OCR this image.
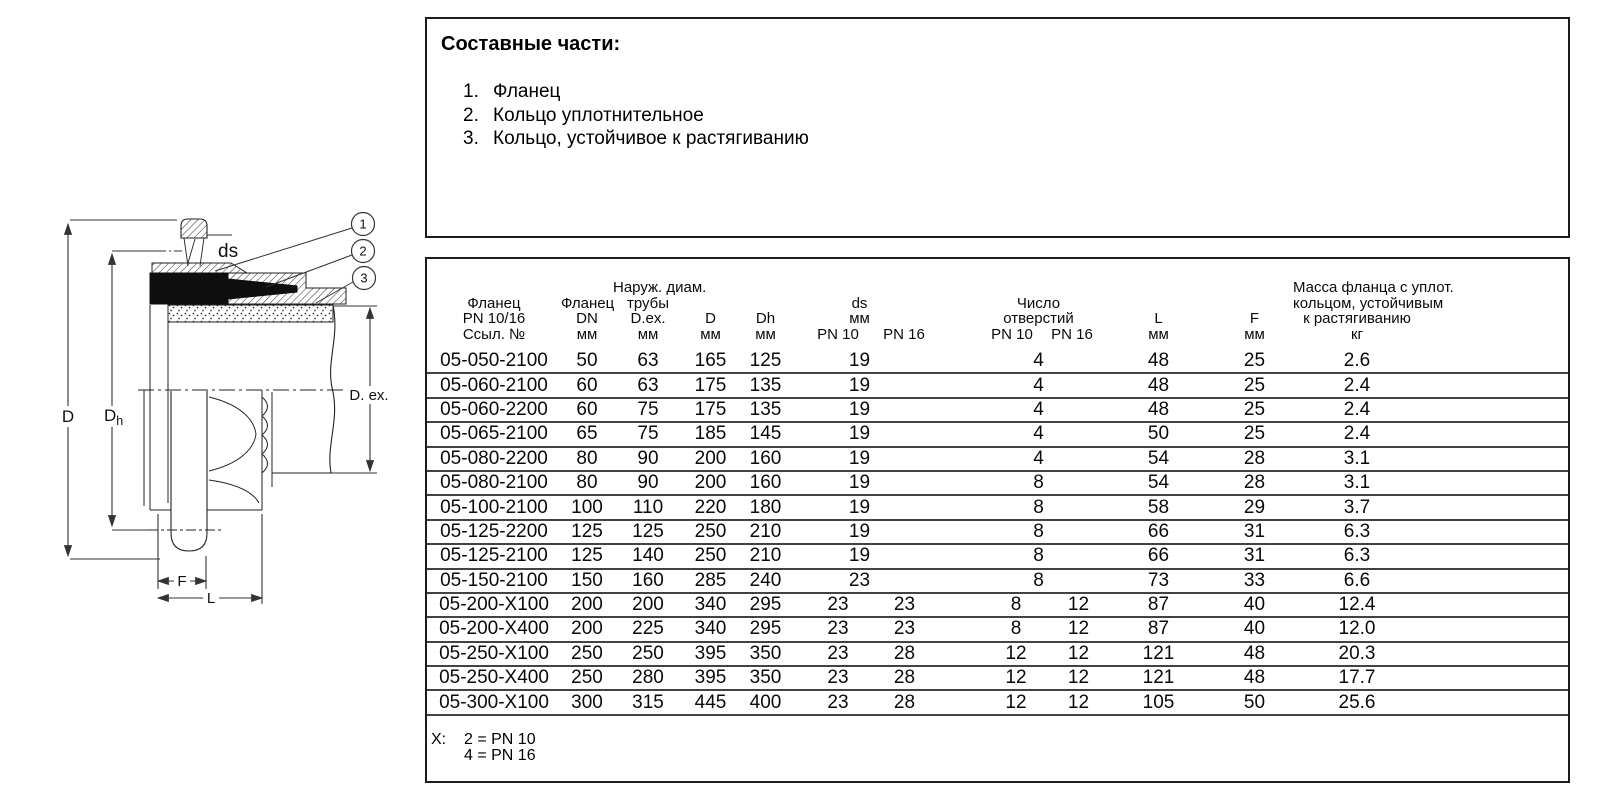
D $D_h$
ds
D. ex.
F
L
1
2
3
Составные части:
1. Фланец
2. Кольцо уплотнительное
3. Кольцо, устойчивое к растягиванию
Фланец
PN 10/16
Ссыл. №

Фланец
DN
мм

Наруж. диам.
трубы
D.ex.
мм

D
мм

Dh
мм

ds
мм
PN 10 PN 16

Число
отверстий
PN 10 PN 16

L
мм

F
мм

Масса фланца с уплот.
кольцом, устойчивым
к растягиванию
кг

05-050-2100	50	63	165	125	19			4		48	25	2.6	
05-060-2100	60	63	175	135	19			4		48	25	2.4	
05-060-2200	60	75	175	135	19			4		48	25	2.4	
05-065-2100	65	75	185	145	19			4		50	25	2.4	
05-080-2200	80	90	200	160	19			4		54	28	3.1	
05-080-2100	80	90	200	160	19			8		54	28	3.1	
05-100-2100	100	110	220	180	19			8		58	29	3.7	
05-125-2200	125	125	250	210	19			8		66	31	6.3	
05-125-2100	125	140	250	210	19			8		66	31	6.3	
05-150-2100	150	160	285	240	23			8		73	33	6.6	
05-200-X100	200	200	340	295	23	23		8	12	87	40	12.4	
05-200-X400	200	225	340	295	23	23		8	12	87	40	12.0	
05-250-X100	250	250	395	350	23	28		12	12	121	48	20.3	
05-250-X400	250	280	395	350	23	28		12	12	121	48	17.7	
05-300-X100	300	315	445	400	23	28		12	12	105	50	25.6	
X: 2 = PN 10
4 = PN 16
